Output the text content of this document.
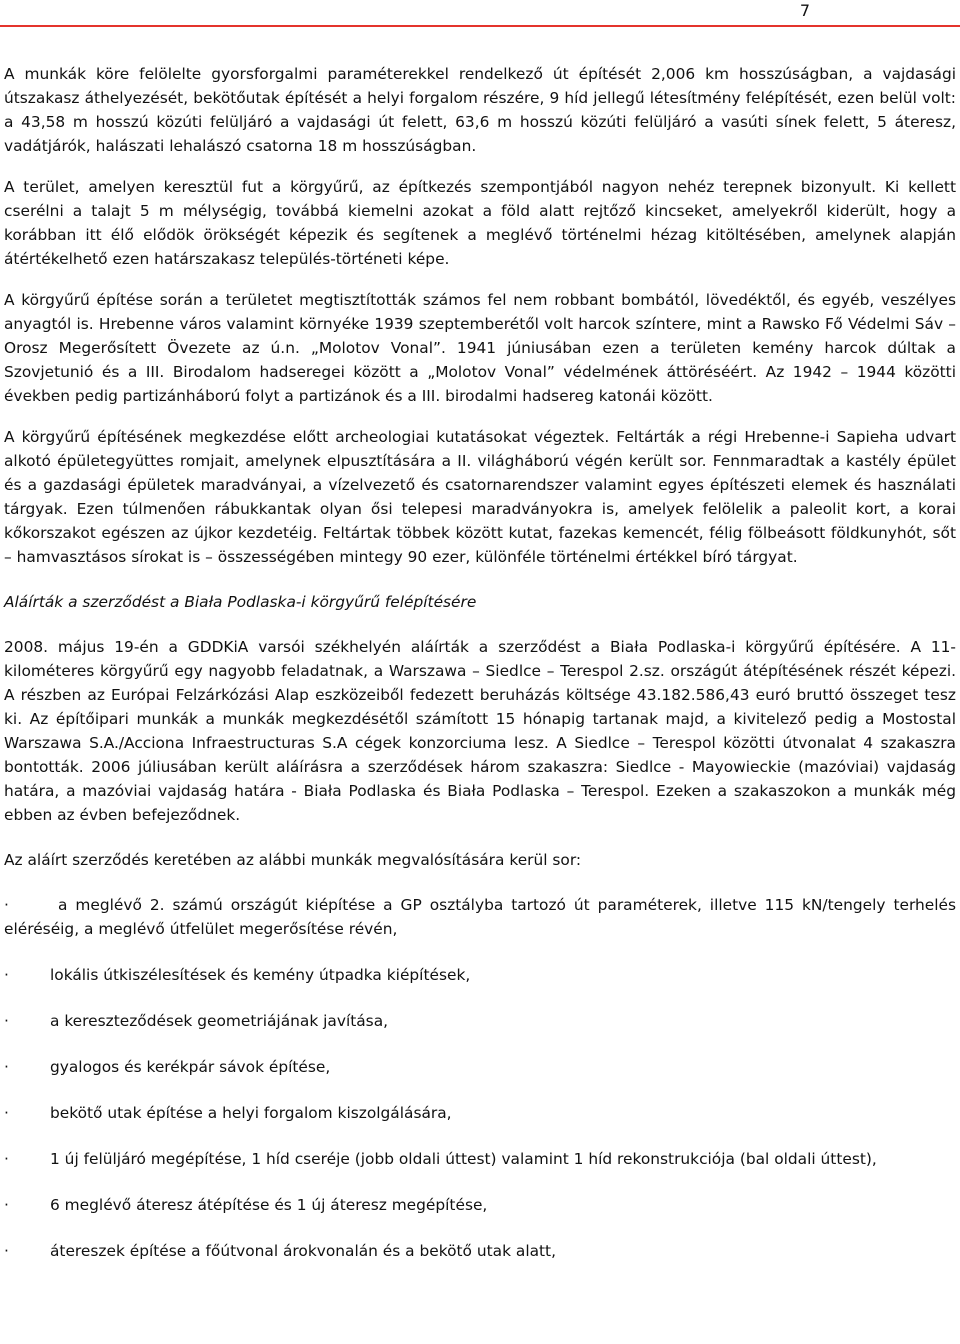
7

A munkák köre felölelte gyorsforgalmi paraméterekkel rendelkező út építését 2,006 km hosszúságban, a vajdasági útszakasz áthelyezését, bekötőutak építését a helyi forgalom részére, 9 híd jellegű létesítmény felépítését, ezen belül volt: a 43,58 m hosszú közúti felüljáró a vajdasági út felett, 63,6 m hosszú közúti felüljáró a vasúti sínek felett, 5 áteresz, vadátjárók, halászati lehalászó csatorna 18 m hosszúságban.

A terület, amelyen keresztül fut a körgyűrű, az építkezés szempontjából nagyon nehéz terepnek bizonyult. Ki kellett cserélni a talajt 5 m mélységig, továbbá kiemelni azokat a föld alatt rejtőző kincseket, amelyekről kiderült, hogy a korábban itt élő elődök örökségét képezik és segítenek a meglévő történelmi hézag kitöltésében, amelynek alapján átértékelhető ezen határszakasz település-történeti képe.

A körgyűrű építése során a területet megtisztították számos fel nem robbant bombától, lövedéktől, és egyéb, veszélyes anyagtól is. Hrebenne város valamint környéke 1939 szeptemberétől volt harcok színtere, mint a Rawsko Fő Védelmi Sáv – Orosz Megerősített Övezete az ú.n. „Molotov Vonal”. 1941 júniusában ezen a területen kemény harcok dúltak a Szovjetunió és a III. Birodalom hadseregei között a „Molotov Vonal” védelmének áttöréséért. Az 1942 – 1944 közötti években pedig partizánháború folyt a partizánok és a III. birodalmi hadsereg katonái között.

A körgyűrű építésének megkezdése előtt archeologiai kutatásokat végeztek. Feltárták a régi Hrebenne-i Sapieha udvart alkotó épületegyüttes romjait, amelynek elpusztítására a II. világháború végén került sor. Fennmaradtak a kastély épület és a gazdasági épületek maradványai, a vízelvezető és csatornarendszer valamint egyes építészeti elemek és használati tárgyak. Ezen túlmenően rábukkantak olyan ősi telepesi maradványokra is, amelyek felölelik a paleolit kort, a korai kőkorszakot egészen az újkor kezdetéig. Feltártak többek között kutat, fazekas kemencét, félig fölbeásott földkunyhót, sőt – hamvasztásos sírokat is – összességében mintegy 90 ezer, különféle történelmi értékkel bíró tárgyat.

Aláírták a szerződést a Biała Podlaska-i körgyűrű felépítésére

2008. május 19-én a GDDKiA varsói székhelyén aláírták a szerződést a Biała Podlaska-i körgyűrű építésére. A 11-kilométeres körgyűrű egy nagyobb feladatnak, a Warszawa – Siedlce – Terespol 2.sz. országút átépítésének részét képezi. A részben az Európai Felzárkózási Alap eszközeiből fedezett beruházás költsége 43.182.586,43 euró bruttó összeget tesz ki. Az építőipari munkák a munkák megkezdésétől számított 15 hónapig tartanak majd, a kivitelező pedig a Mostostal Warszawa S.A./Acciona Infraestructuras S.A cégek konzorciuma lesz. A Siedlce – Terespol közötti útvonalat 4 szakaszra bontották. 2006 júliusában került aláírásra a szerződések három szakaszra: Siedlce - Mayowieckie (mazóviai) vajdaság határa, a mazóviai vajdaság határa - Biała Podlaska és Biała Podlaska – Terespol. Ezeken a szakaszokon a munkák még ebben az évben befejeződnek.

Az aláírt szerződés keretében az alábbi munkák megvalósítására kerül sor:

·	a meglévő 2. számú országút kiépítése a GP osztályba tartozó út paraméterek, illetve 115 kN/tengely terhelés eléréséig, a meglévő útfelület megerősítése révén,
·	lokális útkiszélesítések és kemény útpadka kiépítések,
·	a kereszteződések geometriájának javítása,
·	gyalogos és kerékpár sávok építése,
·	bekötő utak építése a helyi forgalom kiszolgálására,
·	1 új felüljáró megépítése, 1 híd cseréje (jobb oldali úttest) valamint 1 híd rekonstrukciója (bal oldali úttest),
·	6 meglévő áteresz átépítése és 1 új áteresz megépítése,
·	átereszek építése a főútvonal árokvonalán és a bekötő utak alatt,
